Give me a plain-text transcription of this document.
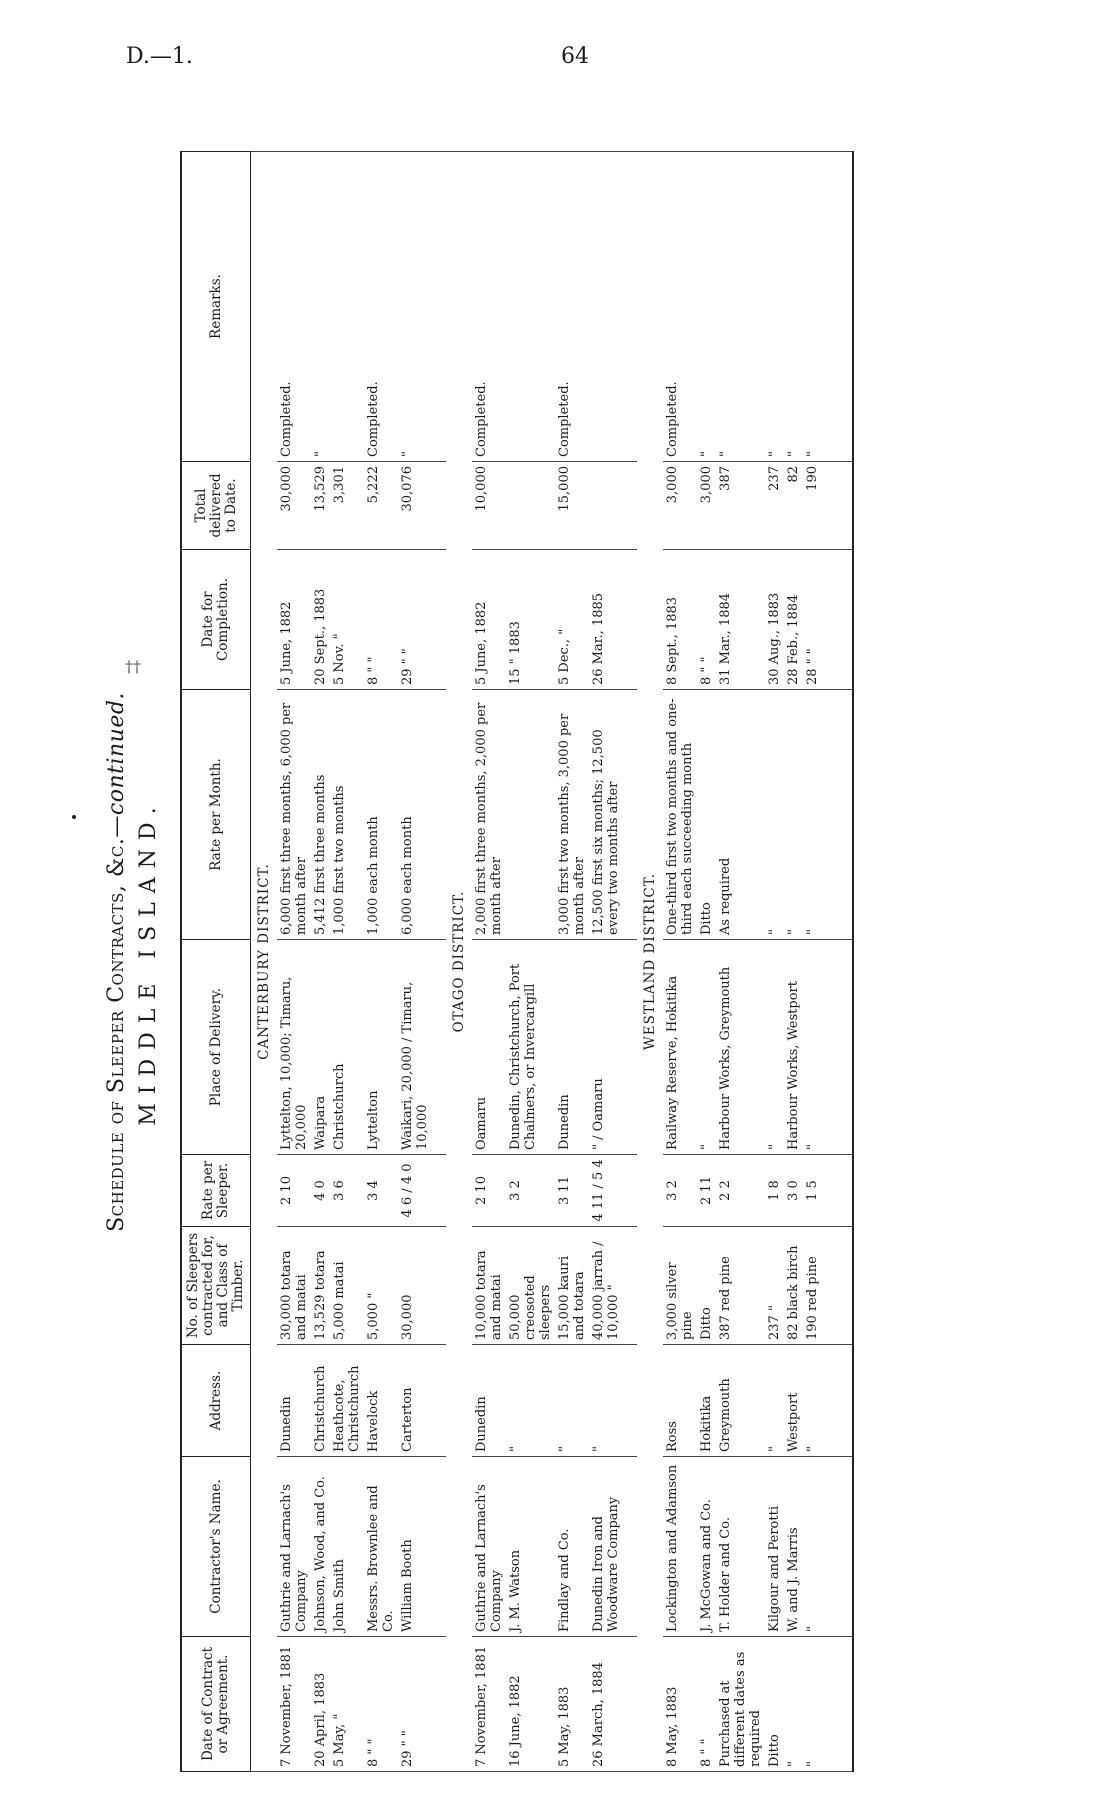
D.—1.	64
††
Schedule of Sleeper Contracts, &c.—continued.
MIDDLE ISLAND.
Date of Contract or Agreement.	Contractor's Name.	Address.	No. of Sleepers contracted for, and Class of Timber.	Rate per Sleeper.	Place of Delivery.	Rate per Month.	Date for Completion.	Total delivered to Date.	Remarks.
CANTERBURY DISTRICT.									
7 November, 1881	Guthrie and Larnach's Company	Dunedin	30,000 totara and matai	2 10	Lyttelton, 10,000; Timaru, 20,000	6,000 first three months, 6,000 per month after	5 June, 1882	30,000	Completed.
20 April, 1883	Johnson, Wood, and Co.	Christchurch	13,529 totara	4 0	Waipara	5,412 first three months	20 Sept., 1883	13,529	"
5 May, "	John Smith	Heathcote, Christchurch	5,000 matai	3 6	Christchurch	1,000 first two months	5 Nov. "	3,301	
8 " "	Messrs. Brownlee and Co.	Havelock	5,000 "	3 4	Lyttelton	1,000 each month	8 " "	5,222	Completed.
29 " "	William Booth	Carterton	30,000	4 6 / 4 0	Waikari, 20,000 / Timaru, 10,000	6,000 each month	29 " "	30,076	"

OTAGO DISTRICT.									
7 November, 1881	Guthrie and Larnach's Company	Dunedin	10,000 totara and matai	2 10	Oamaru	2,000 first three months, 2,000 per month after	5 June, 1882	10,000	Completed.
16 June, 1882	J. M. Watson	"	50,000 creosoted sleepers	3 2	Dunedin, Christchurch, Port Chalmers, or Invercargill		15 " 1883		
5 May, 1883	Findlay and Co.	"	15,000 kauri and totara	3 11	Dunedin	3,000 first two months, 3,000 per month after	5 Dec., "	15,000	Completed.
26 March, 1884	Dunedin Iron and Woodware Company	"	40,000 jarrah / 10,000 "	4 11 / 5 4	" / Oamaru	12,500 first six months; 12,500 every two months after	26 Mar., 1885		

WESTLAND DISTRICT.									
8 May, 1883	Lockington and Adamson	Ross	3,000 silver pine	3 2	Railway Reserve, Hokitika	One-third first two months and one-third each succeeding month	8 Sept., 1883	3,000	Completed.
8 " "	J. McGowan and Co.	Hokitika	Ditto	2 11	"	Ditto	8 " "	3,000	"
Purchased at different dates as required	T. Holder and Co.	Greymouth	387 red pine	2 2	Harbour Works, Greymouth	As required	31 Mar., 1884	387	"
Ditto	Kilgour and Perotti	"	237 "	1 8	"	"	30 Aug., 1883	237	"
"	W. and J. Marris	Westport	82 black birch	3 0	Harbour Works, Westport	"	28 Feb., 1884	82	"
"	"	"	190 red pine	1 5	"	"	28 " "	190	"
